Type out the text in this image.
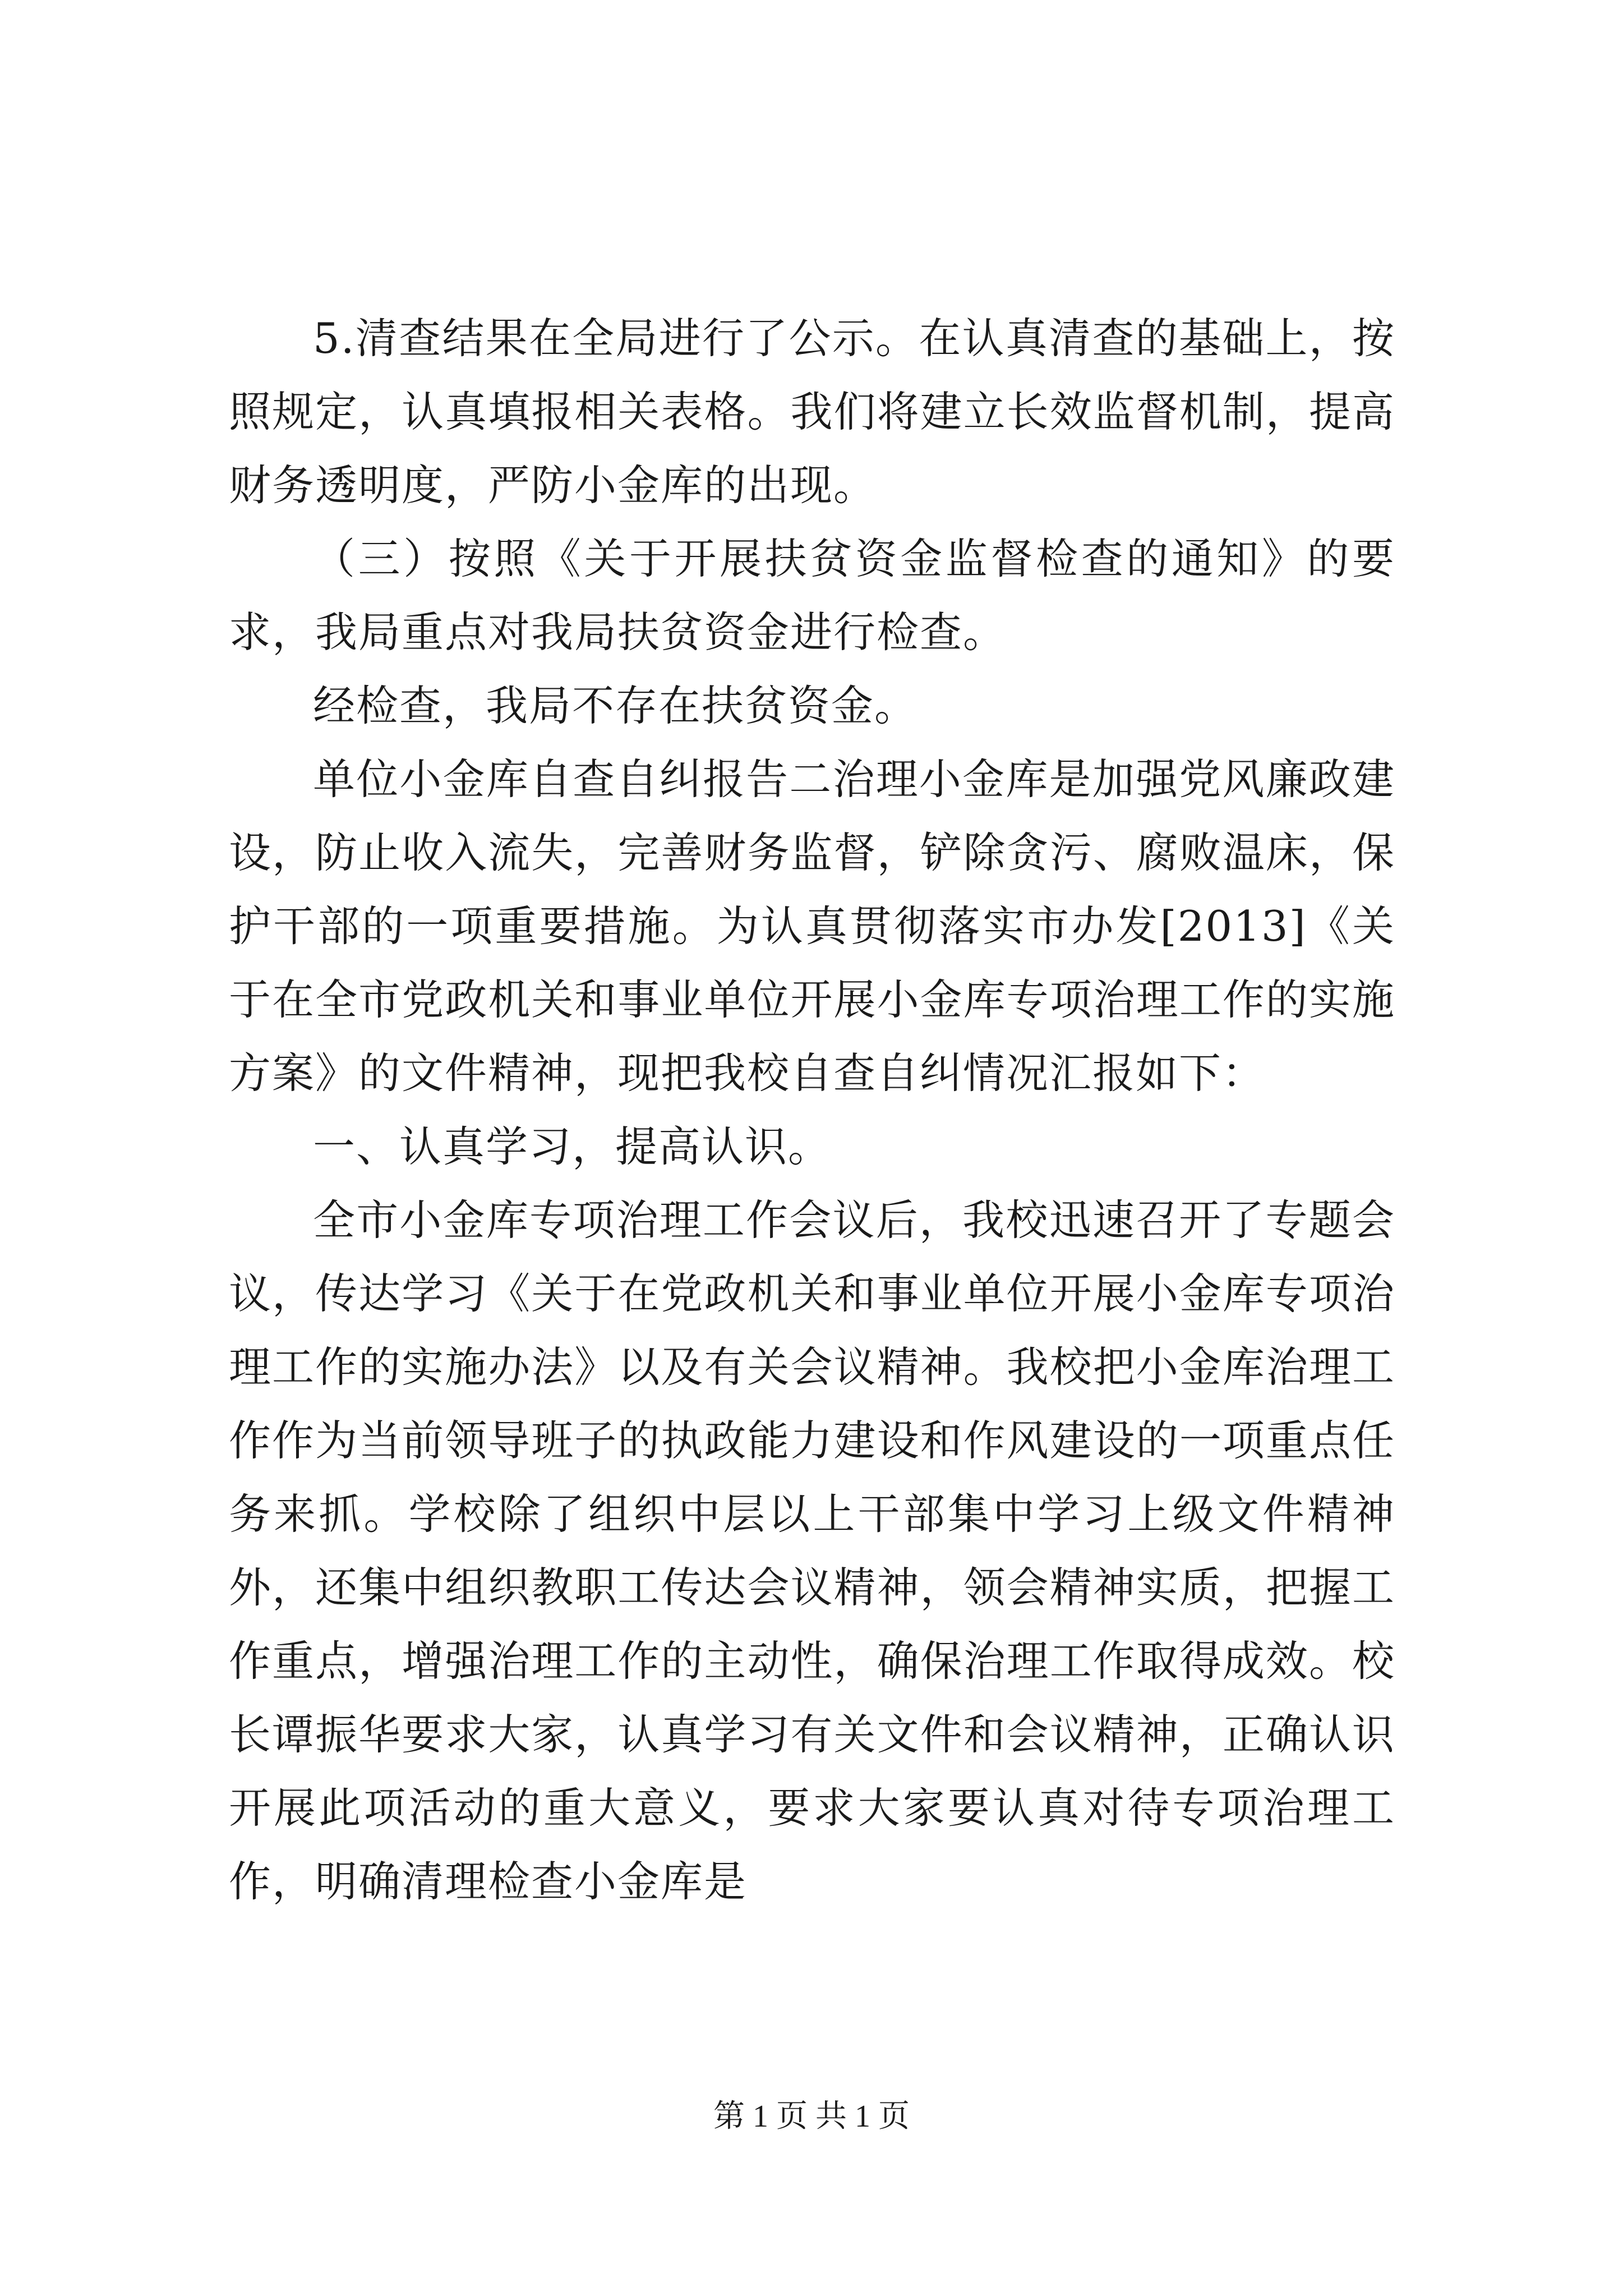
5.清查结果在全局进行了公示。在认真清查的基础上，按照规定，认真填报相关表格。我们将建立长效监督机制，提高财务透明度，严防小金库的出现。

（三）按照《关于开展扶贫资金监督检查的通知》的要求，我局重点对我局扶贫资金进行检查。

经检查，我局不存在扶贫资金。

单位小金库自查自纠报告二治理小金库是加强党风廉政建设，防止收入流失，完善财务监督，铲除贪污、腐败温床，保护干部的一项重要措施。为认真贯彻落实市办发[2013]《关于在全市党政机关和事业单位开展小金库专项治理工作的实施方案》的文件精神，现把我校自查自纠情况汇报如下：

一、认真学习，提高认识。

全市小金库专项治理工作会议后，我校迅速召开了专题会议，传达学习《关于在党政机关和事业单位开展小金库专项治理工作的实施办法》以及有关会议精神。我校把小金库治理工作作为当前领导班子的执政能力建设和作风建设的一项重点任务来抓。学校除了组织中层以上干部集中学习上级文件精神外，还集中组织教职工传达会议精神，领会精神实质，把握工作重点，增强治理工作的主动性，确保治理工作取得成效。校长谭振华要求大家，认真学习有关文件和会议精神，正确认识开展此项活动的重大意义，要求大家要认真对待专项治理工作，明确清理检查小金库是

第 1 页 共 1 页
